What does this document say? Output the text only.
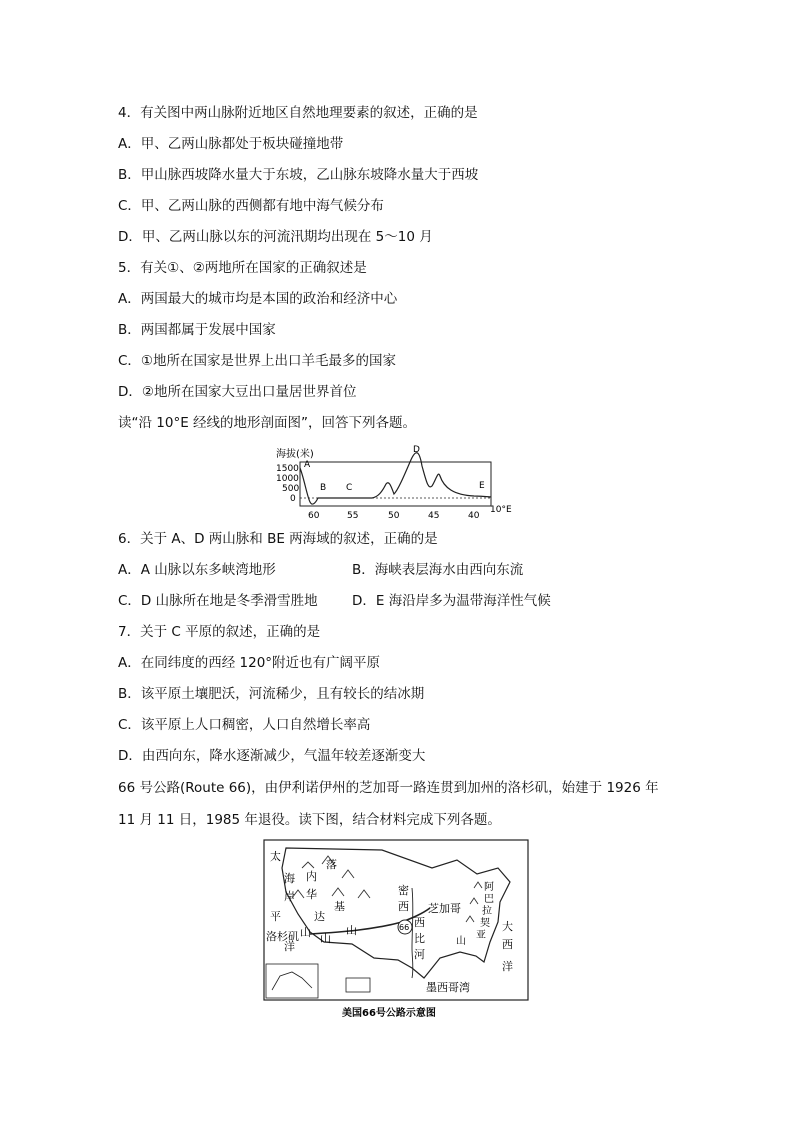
4．有关图中两山脉附近地区自然地理要素的叙述，正确的是
A．甲、乙两山脉都处于板块碰撞地带
B．甲山脉西坡降水量大于东坡，乙山脉东坡降水量大于西坡
C．甲、乙两山脉的西侧都有地中海气候分布
D．甲、乙两山脉以东的河流汛期均出现在 5～10 月
5．有关①、②两地所在国家的正确叙述是
A．两国最大的城市均是本国的政治和经济中心
B．两国都属于发展中国家
C．①地所在国家是世界上出口羊毛最多的国家
D．②地所在国家大豆出口量居世界首位
读“沿 10°E 经线的地形剖面图”，回答下列各题。
海拔(米)
1500
1000
500
0
A
B C
D
E
60	55	50	45	40
10°E
6．关于 A、D 两山脉和 BE 两海域的叙述，正确的是
A．A 山脉以东多峡湾地形	B．海峡表层海水由西向东流
C．D 山脉所在地是冬季滑雪胜地	D．E 海沿岸多为温带海洋性气候
7．关于 C 平原的叙述，正确的是
A．在同纬度的西经 120°附近也有广阔平原
B．该平原土壤肥沃，河流稀少，且有较长的结冰期
C．该平原上人口稠密，人口自然增长率高
D．由西向东，降水逐渐减少，气温年较差逐渐变大
66 号公路(Route 66)，由伊利诺伊州的芝加哥一路连贯到加州的洛杉矶，始建于 1926 年
11 月 11 日，1985 年退役。读下图，结合材料完成下列各题。
66
太
平
洋
海
岸
山
内
华
达
山
落
基
山
密
西
西
比
河
芝加哥
阿
巴
拉
契
亚
山
大
西
洋
洛杉矶
墨西哥湾
美国66号公路示意图
